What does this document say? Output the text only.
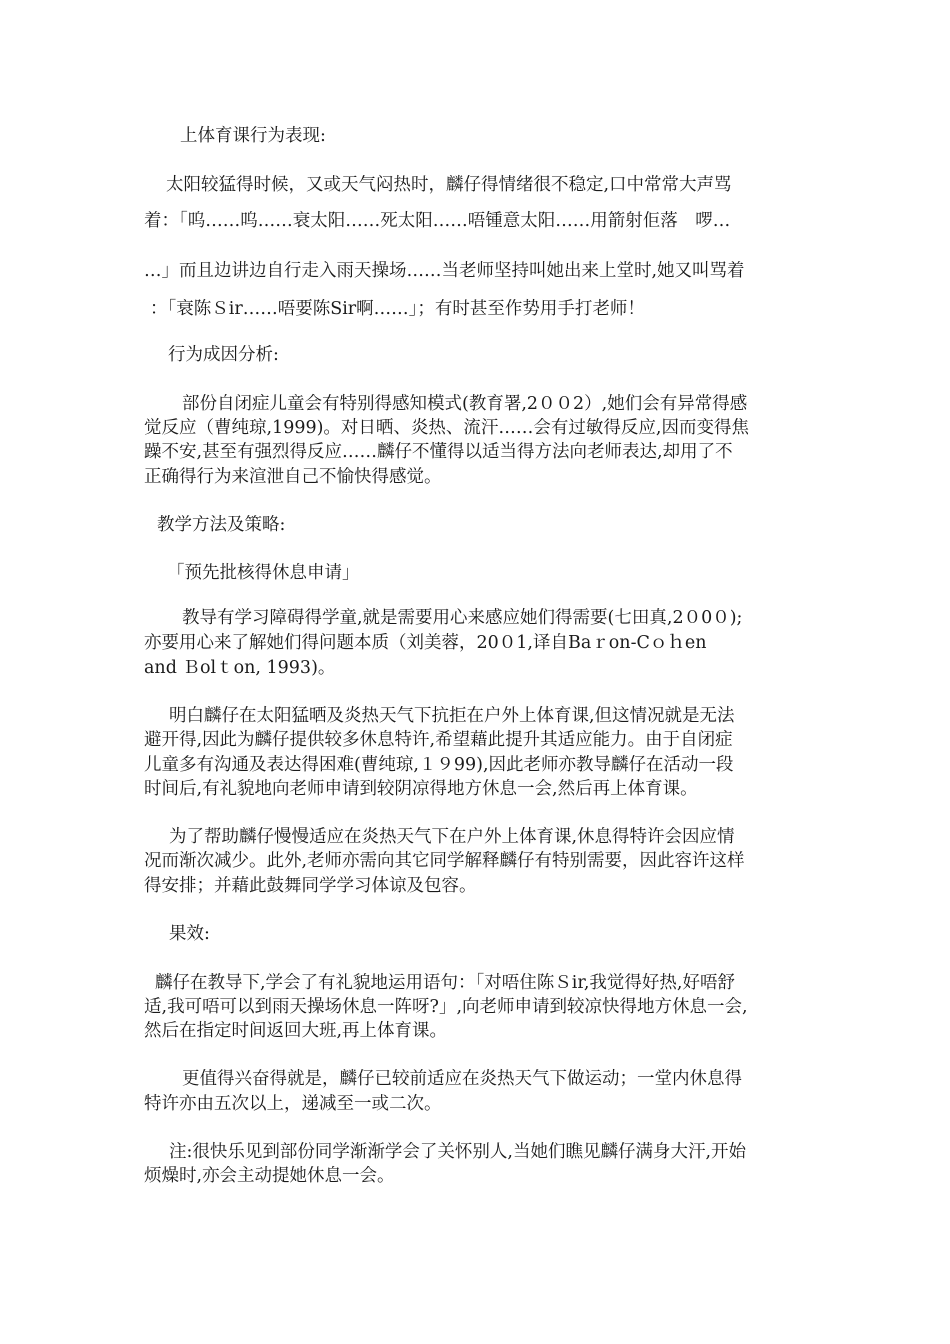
上体育课行为表现:

太阳较猛得时候，又或天气闷热时，麟仔得情绪很不稳定,口中常常大声骂

着：「呜……呜……衰太阳……死太阳……唔锺意太阳……用箭射佢落　啰…

…」而且边讲边自行走入雨天操场……当老师坚持叫她出来上堂时,她又叫骂着

：「衰陈Ｓir……唔要陈Sir啊……」；有时甚至作势用手打老师！

行为成因分析:

部份自闭症儿童会有特别得感知模式(教育署,2００2）,她们会有异常得感

觉反应（曹纯琼,1999)。对日晒、炎热、流汗……会有过敏得反应,因而变得焦

躁不安,甚至有强烈得反应……麟仔不懂得以适当得方法向老师表达,却用了不

正确得行为来渲泄自己不愉快得感觉。

教学方法及策略:

「预先批核得休息申请」

教导有学习障碍得学童,就是需要用心来感应她们得需要(七田真,2０0０);

亦要用心来了解她们得问题本质（刘美蓉，20０1,译自Baｒon-Cｏｈen

and Ｂolｔon, 1993)。

明白麟仔在太阳猛晒及炎热天气下抗拒在户外上体育课,但这情况就是无法

避开得,因此为麟仔提供较多休息特许,希望藉此提升其适应能力。由于自闭症

儿童多有沟通及表达得困难(曹纯琼,１９99),因此老师亦教导麟仔在活动一段

时间后,有礼貌地向老师申请到较阴凉得地方休息一会,然后再上体育课。

为了帮助麟仔慢慢适应在炎热天气下在户外上体育课,休息得特许会因应情

况而渐次减少。此外,老师亦需向其它同学解释麟仔有特别需要，因此容许这样

得安排；并藉此鼓舞同学学习体谅及包容。

果效:

麟仔在教导下,学会了有礼貌地运用语句：「对唔住陈Ｓir,我觉得好热,好唔舒

适,我可唔可以到雨天操场休息一阵呀?」,向老师申请到较凉快得地方休息一会,

然后在指定时间返回大班,再上体育课。

更值得兴奋得就是，麟仔已较前适应在炎热天气下做运动；一堂内休息得

特许亦由五次以上，递减至一或二次。

注:很快乐见到部份同学渐渐学会了关怀别人,当她们瞧见麟仔满身大汗,开始

烦燥时,亦会主动提她休息一会。
